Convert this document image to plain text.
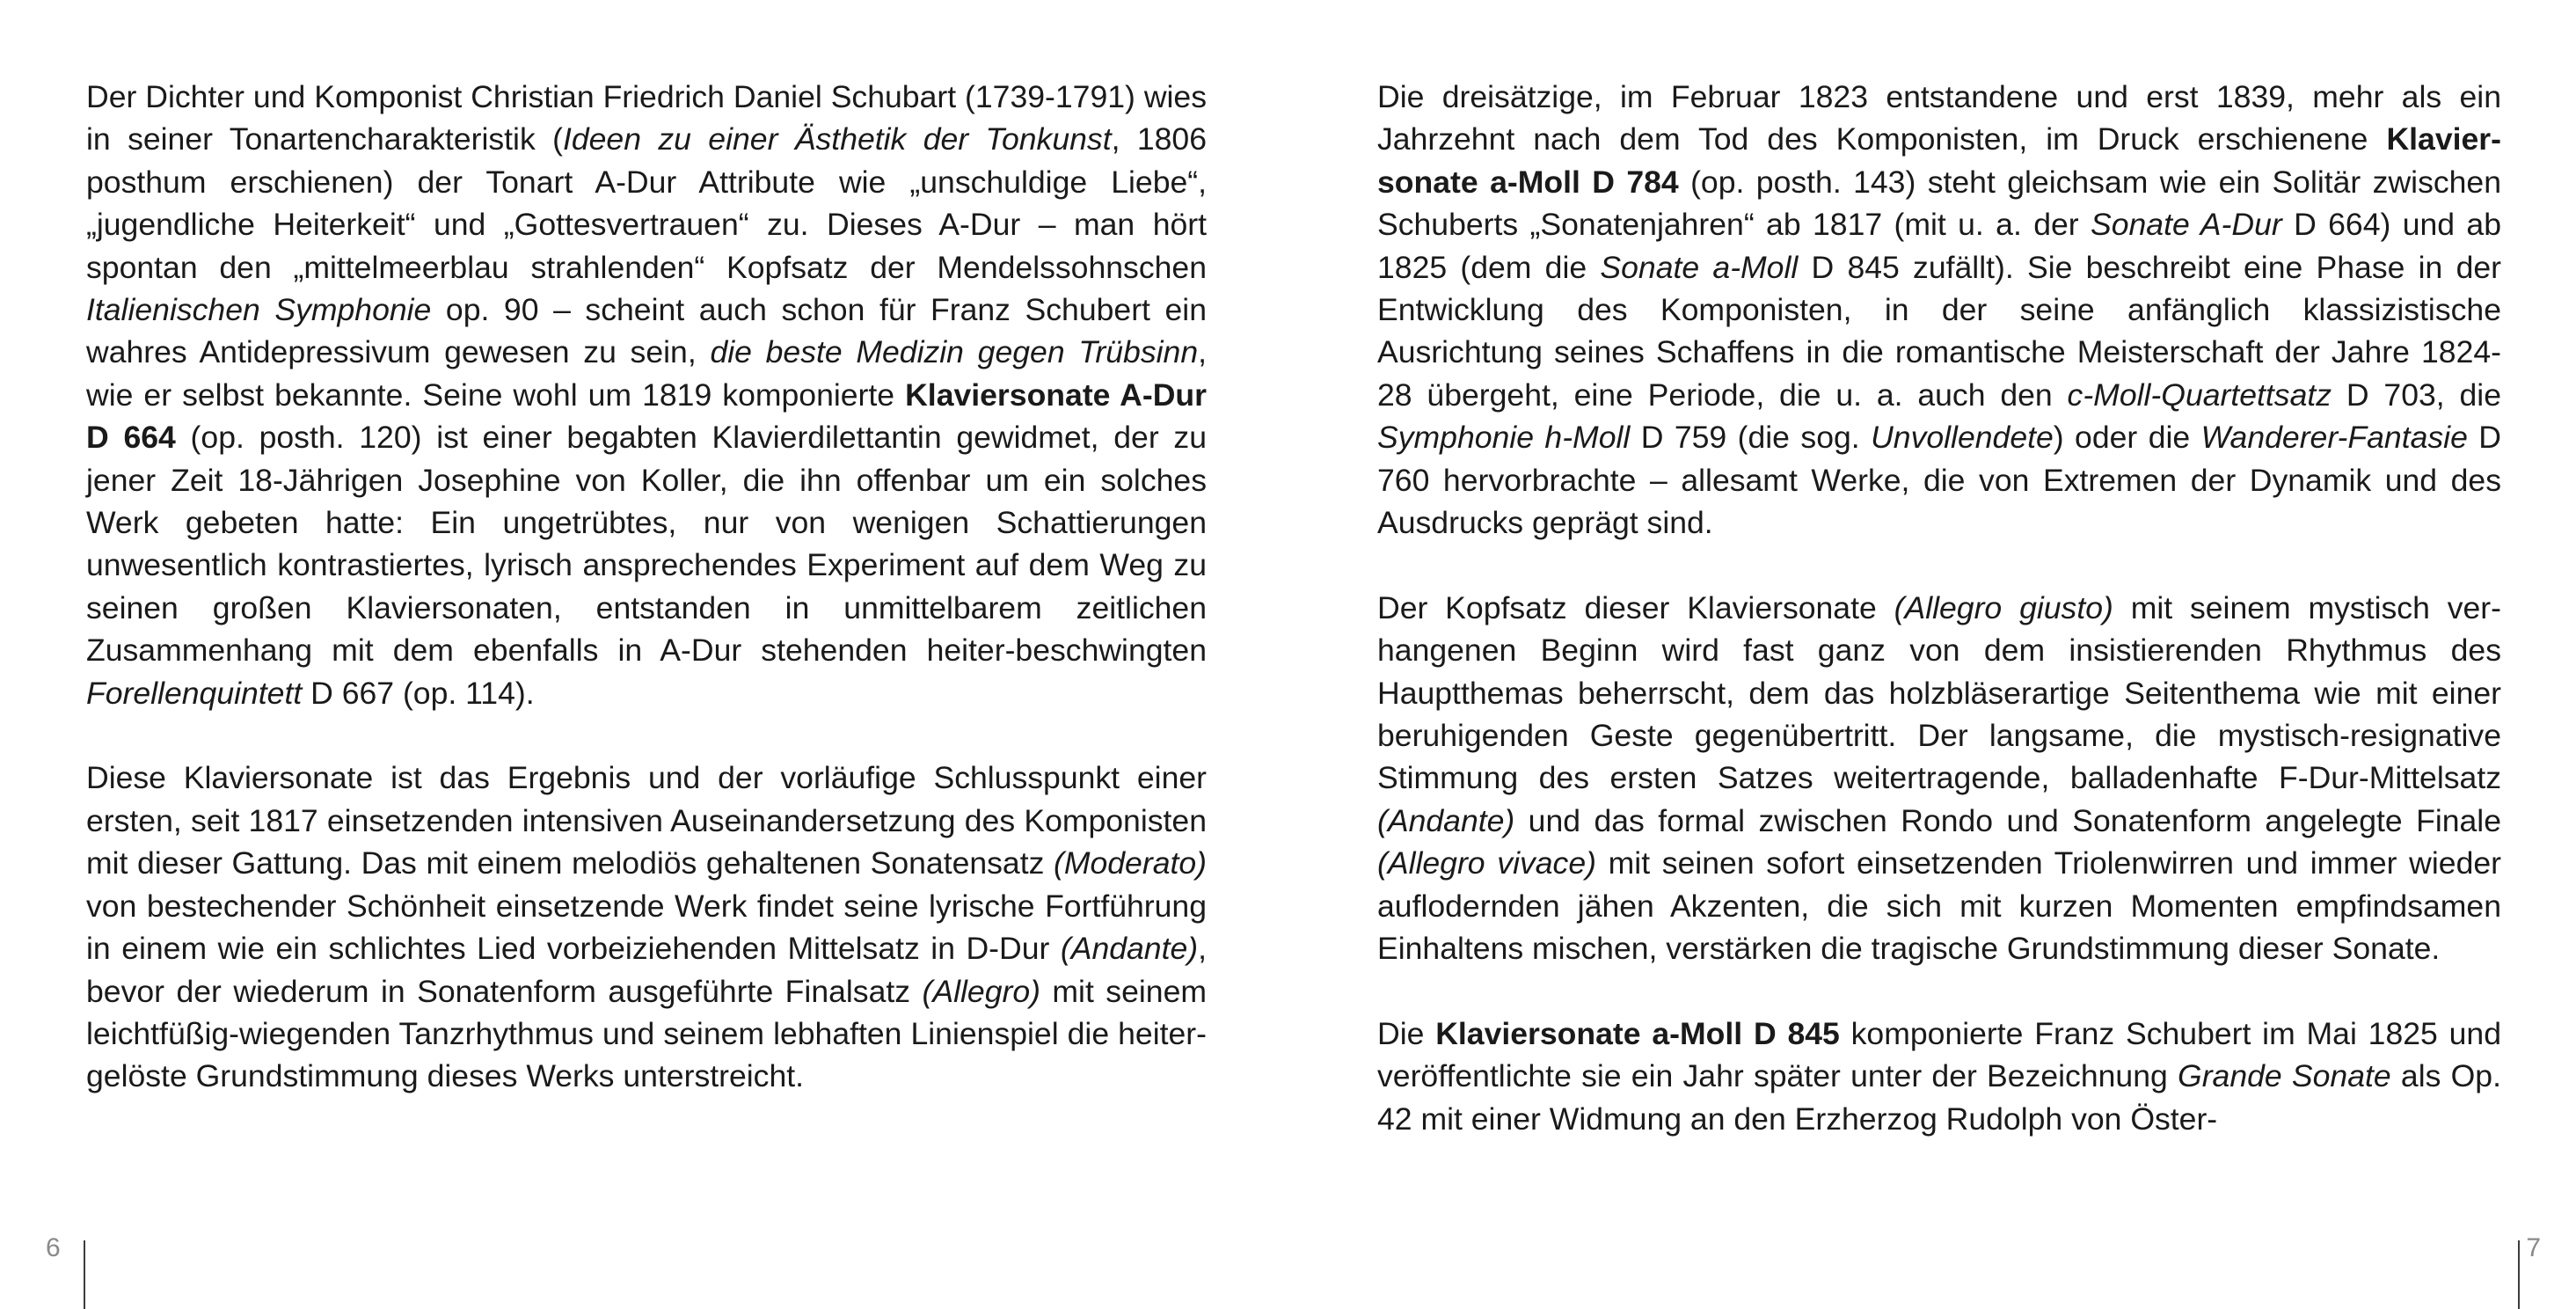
Der Dichter und Komponist Christian Friedrich Daniel Schubart (1739-1791) wies in seiner Tonartencharakteristik (Ideen zu einer Ästhetik der Tonkunst, 1806 posthum erschienen) der Tonart A-Dur Attribute wie „unschuldige Liebe“, „jugendliche Heiterkeit“ und „Gottesvertrauen“ zu. Dieses A-Dur – man hört spontan den „mittelmeerblau strahlenden“ Kopfsatz der Mendelssohnschen Italienischen Symphonie op. 90 – scheint auch schon für Franz Schubert ein wahres Antidepressivum gewesen zu sein, die beste Medizin gegen Trübsinn, wie er selbst bekannte. Seine wohl um 1819 komponierte Klaviersonate A-Dur D 664 (op. posth. 120) ist einer begabten Klavierdilettantin gewidmet, der zu jener Zeit 18-Jährigen Josephine von Koller, die ihn offenbar um ein solches Werk gebeten hatte: Ein ungetrübtes, nur von wenigen Schattierungen unwesentlich kontrastiertes, lyrisch ansprechendes Experiment auf dem Weg zu seinen großen Klaviersonaten, entstanden in unmittelbarem zeitlichen Zusammenhang mit dem ebenfalls in A-Dur stehenden heiter-beschwingten Forellenquintett D 667 (op. 114).

Diese Klaviersonate ist das Ergebnis und der vorläufige Schlusspunkt einer ersten, seit 1817 einsetzenden intensiven Auseinandersetzung des Komponisten mit dieser Gattung. Das mit einem melodiös gehaltenen Sonatensatz (Moderato) von bestechender Schönheit einsetzende Werk findet seine lyrische Fortführung in einem wie ein schlichtes Lied vorbeiziehenden Mittelsatz in D-Dur (Andante), bevor der wiederum in Sonatenform ausgeführte Finalsatz (Allegro) mit seinem leichtfüßig-wiegenden Tanzrhythmus und seinem lebhaften Linienspiel die heiter-gelöste Grundstimmung dieses Werks unterstreicht.

6

Die dreisätzige, im Februar 1823 entstandene und erst 1839, mehr als ein Jahrzehnt nach dem Tod des Komponisten, im Druck erschienene Klaviersonate a-Moll D 784 (op. posth. 143) steht gleichsam wie ein Solitär zwischen Schuberts „Sonatenjahren“ ab 1817 (mit u. a. der Sonate A-Dur D 664) und ab 1825 (dem die Sonate a-Moll D 845 zufällt). Sie beschreibt eine Phase in der Entwicklung des Komponisten, in der seine anfänglich klassizistische Ausrichtung seines Schaffens in die romantische Meisterschaft der Jahre 1824-28 übergeht, eine Periode, die u. a. auch den c-Moll-Quartettsatz D 703, die Symphonie h-Moll D 759 (die sog. Unvollendete) oder die Wanderer-Fantasie D 760 hervorbrachte – allesamt Werke, die von Extremen der Dynamik und des Ausdrucks geprägt sind.

Der Kopfsatz dieser Klaviersonate (Allegro giusto) mit seinem mystisch verhangenen Beginn wird fast ganz von dem insistierenden Rhythmus des Hauptthemas beherrscht, dem das holzbläserartige Seitenthema wie mit einer beruhigenden Geste gegenübertritt. Der langsame, die mystisch-resignative Stimmung des ersten Satzes weitertragende, balladenhafte F-Dur-Mittelsatz (Andante) und das formal zwischen Rondo und Sonatenform angelegte Finale (Allegro vivace) mit seinen sofort einsetzenden Triolenwirren und immer wieder auflodernden jähen Akzenten, die sich mit kurzen Momenten empfindsamen Einhaltens mischen, verstärken die tragische Grundstimmung dieser Sonate.

Die Klaviersonate a-Moll D 845 komponierte Franz Schubert im Mai 1825 und veröffentlichte sie ein Jahr später unter der Bezeichnung Grande Sonate als Op. 42 mit einer Widmung an den Erzherzog Rudolph von Öster-

7
